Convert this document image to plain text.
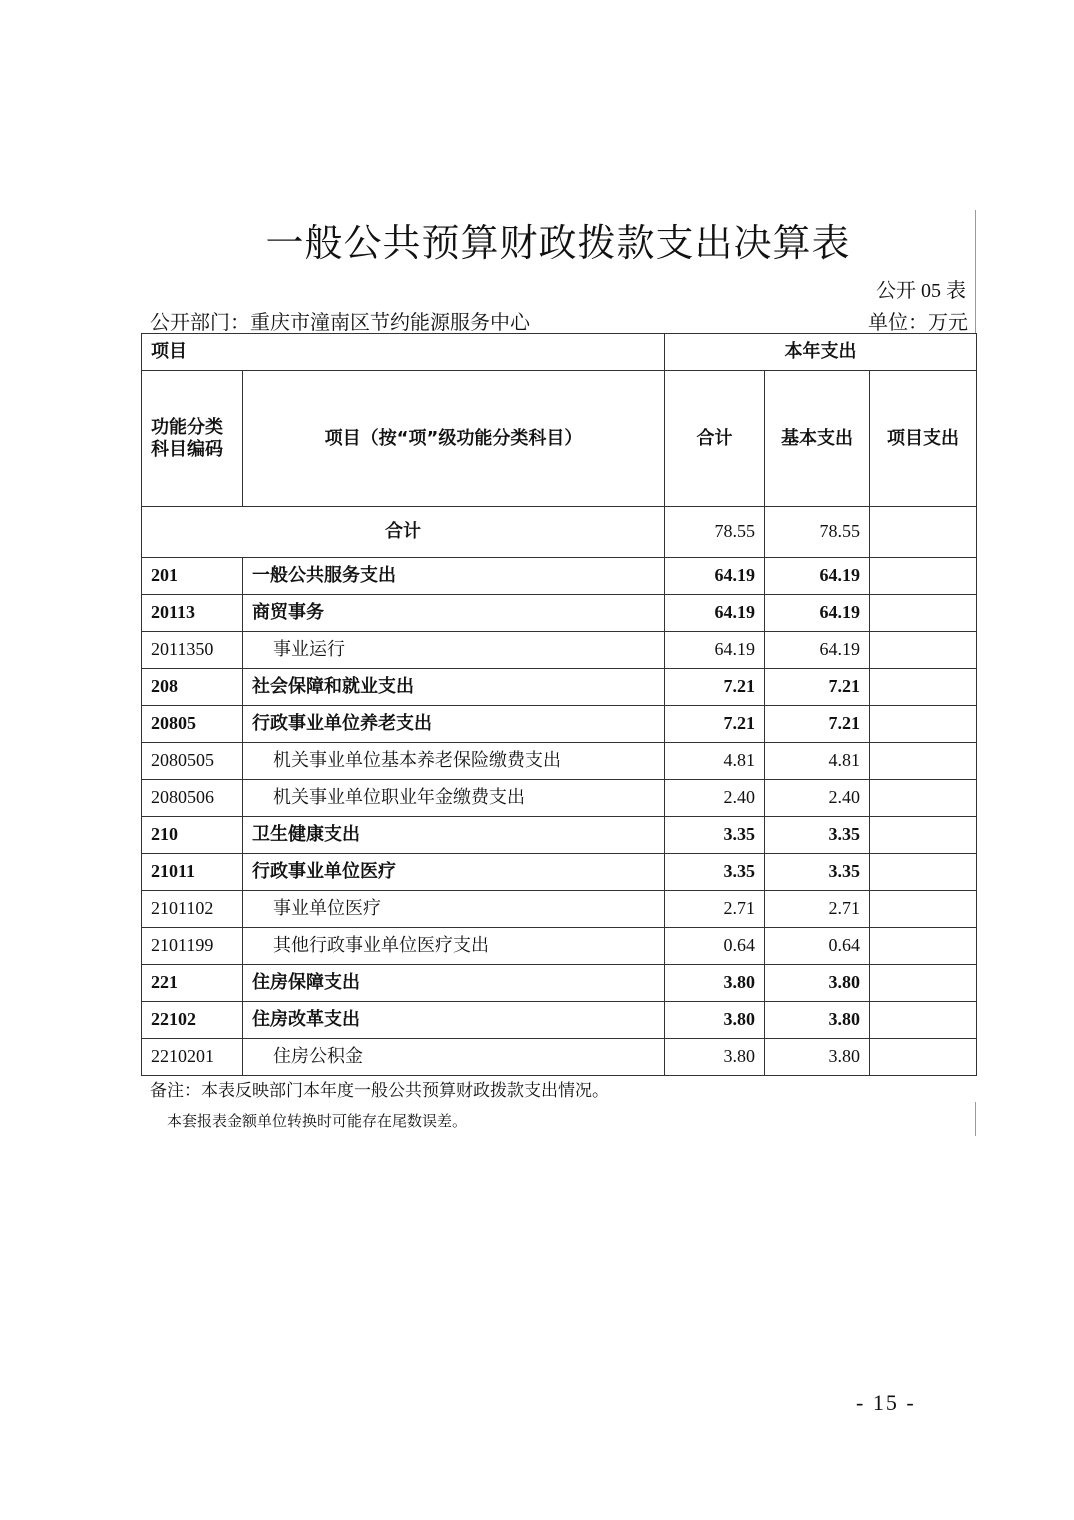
一般公共预算财政拨款支出决算表
公开 05 表
公开部门：重庆市潼南区节约能源服务中心	单位：万元
项目		本年支出		
功能分类科目编码	项目（按“项”级功能分类科目）	合计	基本支出	项目支出
合计		78.55	78.55	
201	一般公共服务支出	64.19	64.19	
20113	商贸事务	64.19	64.19	
2011350	事业运行	64.19	64.19	
208	社会保障和就业支出	7.21	7.21	
20805	行政事业单位养老支出	7.21	7.21	
2080505	机关事业单位基本养老保险缴费支出	4.81	4.81	
2080506	机关事业单位职业年金缴费支出	2.40	2.40	
210	卫生健康支出	3.35	3.35	
21011	行政事业单位医疗	3.35	3.35	
2101102	事业单位医疗	2.71	2.71	
2101199	其他行政事业单位医疗支出	0.64	0.64	
221	住房保障支出	3.80	3.80	
22102	住房改革支出	3.80	3.80	
2210201	住房公积金	3.80	3.80	
备注：本表反映部门本年度一般公共预算财政拨款支出情况。
本套报表金额单位转换时可能存在尾数误差。
- 15 -
